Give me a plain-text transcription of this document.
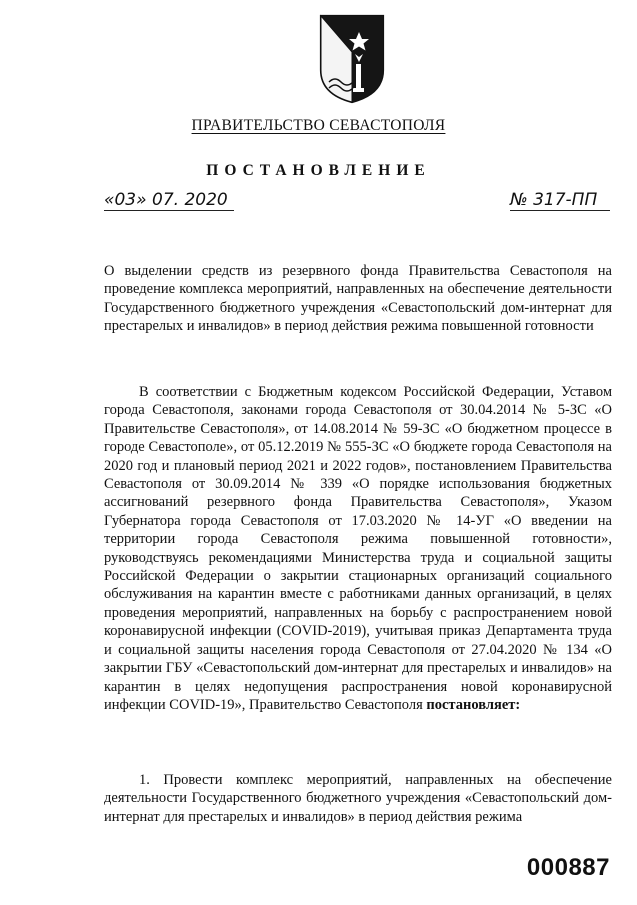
ПРАВИТЕЛЬСТВО СЕВАСТОПОЛЯ
ПОСТАНОВЛЕНИЕ
«03» 07. 2020	№ 317-ПП
О выделении средств из резервного фонда Правительства Севастополя на проведение комплекса мероприятий, направленных на обеспечение деятельности Государственного бюджетного учреждения «Севастопольский дом-интернат для престарелых и инвалидов» в период действия режима повышенной готовности
В соответствии с Бюджетным кодексом Российской Федерации, Уставом города Севастополя, законами города Севастополя от 30.04.2014 № 5-ЗС «О Правительстве Севастополя», от 14.08.2014 № 59-ЗС «О бюджетном процессе в городе Севастополе», от 05.12.2019 № 555-ЗС «О бюджете города Севастополя на 2020 год и плановый период 2021 и 2022 годов», постановлением Правительства Севастополя от 30.09.2014 № 339 «О порядке использования бюджетных ассигнований резервного фонда Правительства Севастополя», Указом Губернатора города Севастополя от 17.03.2020 № 14-УГ «О введении на территории города Севастополя режима повышенной готовности», руководствуясь рекомендациями Министерства труда и социальной защиты Российской Федерации о закрытии стационарных организаций социального обслуживания на карантин вместе с работниками данных организаций, в целях проведения мероприятий, направленных на борьбу с распространением новой коронавирусной инфекции (COVID-2019), учитывая приказ Департамента труда и социальной защиты населения города Севастополя от 27.04.2020 № 134 «О закрытии ГБУ «Севастопольский дом-интернат для престарелых и инвалидов» на карантин в целях недопущения распространения новой коронавирусной инфекции COVID-19», Правительство Севастополя постановляет:
1. Провести комплекс мероприятий, направленных на обеспечение деятельности Государственного бюджетного учреждения «Севастопольский дом-интернат для престарелых и инвалидов» в период действия режима
000887
